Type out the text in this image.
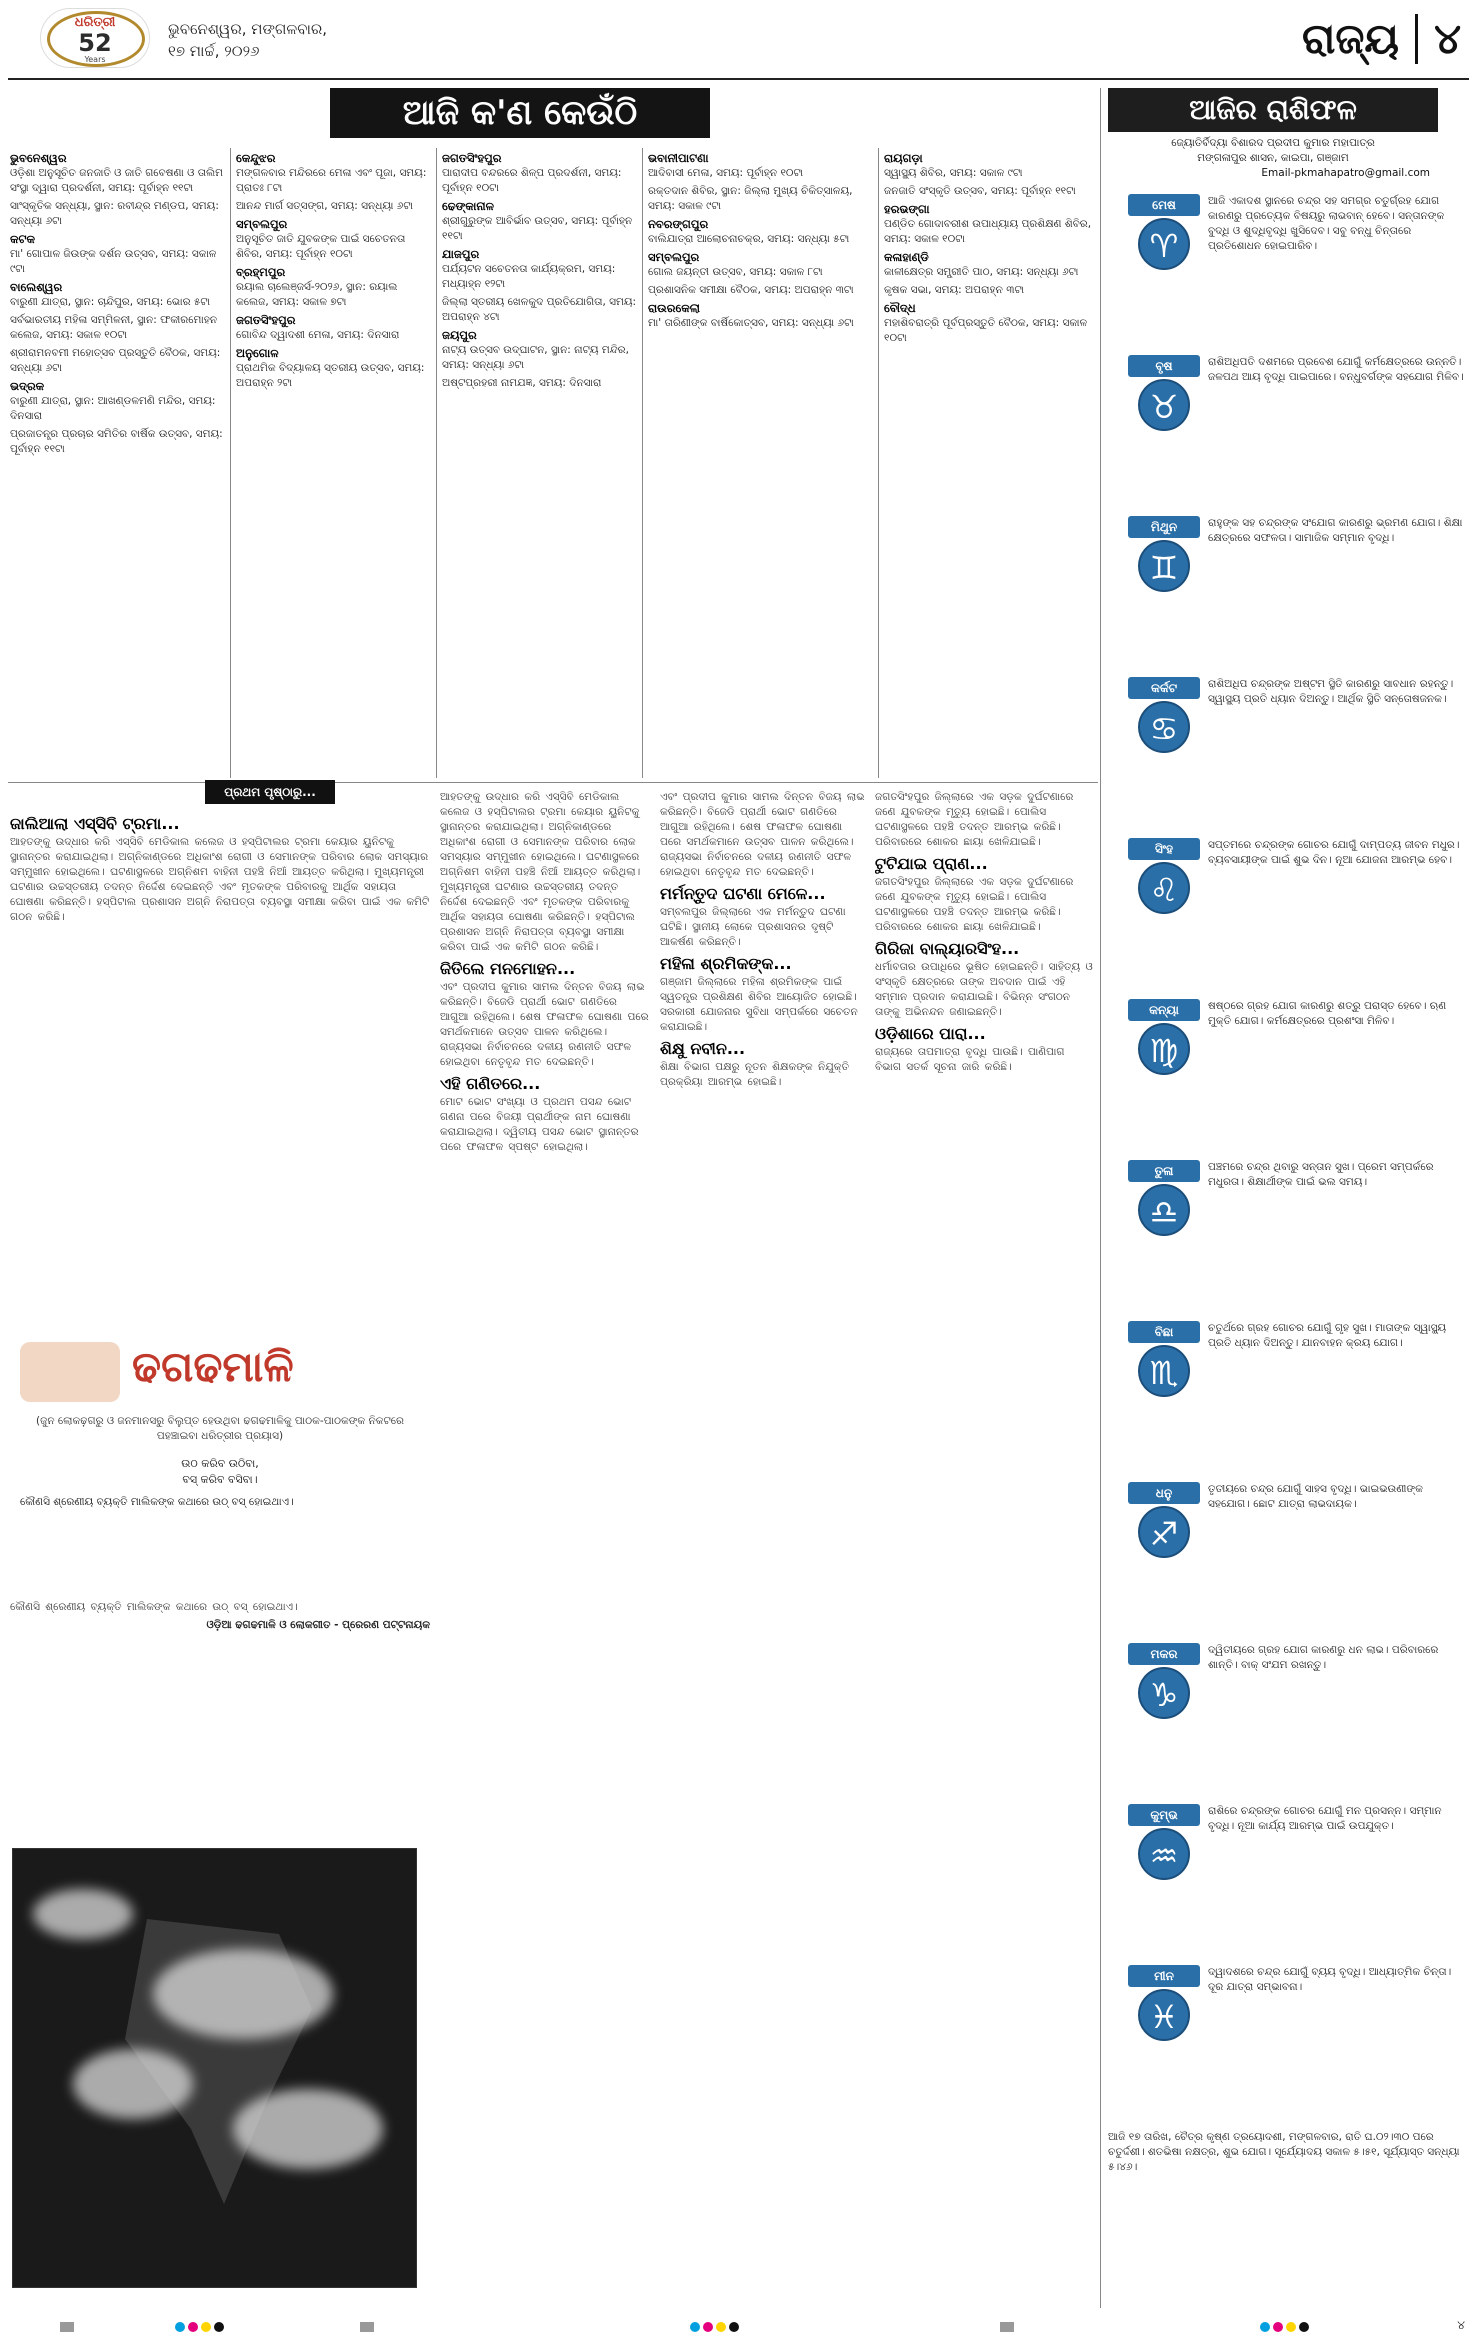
ଧରିତ୍ରୀ
52
Years
ଭୁବନେଶ୍ୱର, ମଙ୍ଗଳବାର,
୧୭ ମାର୍ଚ୍ଚ, ୨୦୨୬	ରାଜ୍ୟ ୪
ଆଜି କ'ଣ କେଉଁଠି
ଭୁବନେଶ୍ୱର

ଓଡ଼ିଶା ଅନୁସୂଚିତ ଜନଜାତି ଓ ଜାତି ଗବେଷଣା ଓ ତାଲିମ ସଂସ୍ଥା ଦ୍ୱାରା ପ୍ରଦର୍ଶନୀ, ସମୟ: ପୂର୍ବାହ୍ନ ୧୧ଟା

ସାଂସ୍କୃତିକ ସନ୍ଧ୍ୟା, ସ୍ଥାନ: ରବୀନ୍ଦ୍ର ମଣ୍ଡପ, ସମୟ: ସନ୍ଧ୍ୟା ୬ଟା

କଟକ

ମା' ଗୋପାଳ ଜିଉଙ୍କ ଦର୍ଶନ ଉତ୍ସବ, ସମୟ: ସକାଳ ୯ଟା

ବାଲେଶ୍ୱର

ବାରୁଣୀ ଯାତ୍ରା, ସ୍ଥାନ: ଚାନ୍ଦିପୁର, ସମୟ: ଭୋର ୫ଟା

ସର୍ବଭାରତୀୟ ମହିଳା ସମ୍ମିଳନୀ, ସ୍ଥାନ: ଫକୀରମୋହନ କଲେଜ, ସମୟ: ସକାଳ ୧୦ଟା

ଶ୍ରୀରାମନବମୀ ମହୋତ୍ସବ ପ୍ରସ୍ତୁତି ବୈଠକ, ସମୟ: ସନ୍ଧ୍ୟା ୬ଟା

ଭଦ୍ରକ

ବାରୁଣୀ ଯାତ୍ରା, ସ୍ଥାନ: ଆଖଣ୍ଡଳମଣି ମନ୍ଦିର, ସମୟ: ଦିନସାରା

ପ୍ରଜାତନ୍ତ୍ର ପ୍ରଚାର ସମିତିର ବାର୍ଷିକ ଉତ୍ସବ, ସମୟ: ପୂର୍ବାହ୍ନ ୧୧ଟା

କେନ୍ଦୁଝର

ମଙ୍ଗଳବାର ମନ୍ଦିରରେ ମେଳା ଏବଂ ପୂଜା, ସମୟ: ପ୍ରାତଃ ୮ଟା

ଆନନ୍ଦ ମାର୍ଗ ସତ୍ସଙ୍ଗ, ସମୟ: ସନ୍ଧ୍ୟା ୬ଟା

ସମ୍ବଲପୁର

ଅନୁସୂଚିତ ଜାତି ଯୁବକଙ୍କ ପାଇଁ ସଚେତନତା ଶିବିର, ସମୟ: ପୂର୍ବାହ୍ନ ୧୦ଟା

ବ୍ରହ୍ମପୁର

ରୟାଲ ଚାଲେଞ୍ଜର୍ସ-୨୦୨୬, ସ୍ଥାନ: ରୟାଲ କଲେଜ, ସମୟ: ସକାଳ ୭ଟା

ଜଗତସିଂହପୁର

ଗୋବିନ୍ଦ ଦ୍ୱାଦଶୀ ମେଳା, ସମୟ: ଦିନସାରା

ଅନୁଗୋଳ

ପ୍ରାଥମିକ ବିଦ୍ୟାଳୟ ସ୍ତରୀୟ ଉତ୍ସବ, ସମୟ: ଅପରାହ୍ନ ୨ଟା

ଜଗତସିଂହପୁର

ପାରାଦୀପ ବନ୍ଦରରେ ଶିଳ୍ପ ପ୍ରଦର୍ଶନୀ, ସମୟ: ପୂର୍ବାହ୍ନ ୧୦ଟା

ଢେଙ୍କାନାଳ

ଶ୍ରୀଗୁରୁଙ୍କ ଆବିର୍ଭାବ ଉତ୍ସବ, ସମୟ: ପୂର୍ବାହ୍ନ ୧୧ଟା

ଯାଜପୁର

ପର୍ଯ୍ୟଟନ ସଚେତନତା କାର୍ଯ୍ୟକ୍ରମ, ସମୟ: ମଧ୍ୟାହ୍ନ ୧୨ଟା

ଜିଲ୍ଲା ସ୍ତରୀୟ ଖେଳକୁଦ ପ୍ରତିଯୋଗିତା, ସମୟ: ଅପରାହ୍ନ ୪ଟା

ଜୟପୁର

ନାଟ୍ୟ ଉତ୍ସବ ଉଦ୍‌ଘାଟନ, ସ୍ଥାନ: ନାଟ୍ୟ ମନ୍ଦିର, ସମୟ: ସନ୍ଧ୍ୟା ୬ଟା

ଅଷ୍ଟପ୍ରହରୀ ନାମଯଜ୍ଞ, ସମୟ: ଦିନସାରା

ଭବାନୀପାଟଣା

ଆଦିବାସୀ ମେଳା, ସମୟ: ପୂର୍ବାହ୍ନ ୧୦ଟା

ରକ୍ତଦାନ ଶିବିର, ସ୍ଥାନ: ଜିଲ୍ଲା ମୁଖ୍ୟ ଚିକିତ୍ସାଳୟ, ସମୟ: ସକାଳ ୯ଟା

ନବରଙ୍ଗପୁର

ବାଲିଯାତ୍ରା ଆଲୋଚନାଚକ୍ର, ସମୟ: ସନ୍ଧ୍ୟା ୫ଟା

ସମ୍ବଲପୁର

ଗୋଲ ଜୟନ୍ତୀ ଉତ୍ସବ, ସମୟ: ସକାଳ ୮ଟା

ପ୍ରଶାସନିକ ସମୀକ୍ଷା ବୈଠକ, ସମୟ: ଅପରାହ୍ନ ୩ଟା

ରାଉରକେଲା

ମା' ତାରିଣୀଙ୍କ ବାର୍ଷିକୋତ୍ସବ, ସମୟ: ସନ୍ଧ୍ୟା ୬ଟା

ରାୟଗଡ଼ା

ସ୍ୱାସ୍ଥ୍ୟ ଶିବିର, ସମୟ: ସକାଳ ୯ଟା

ଜନଜାତି ସଂସ୍କୃତି ଉତ୍ସବ, ସମୟ: ପୂର୍ବାହ୍ନ ୧୧ଟା

ହରଭଙ୍ଗା

ପଣ୍ଡିତ ଗୋଦାବରୀଶ ଉପାଧ୍ୟାୟ ପ୍ରଶିକ୍ଷଣ ଶିବିର, ସମୟ: ସକାଳ ୧୦ଟା

କଳାହାଣ୍ଡି

କାଳୀକ୍ଷେତ୍ର ସମ୍ପ୍ରୀତି ପାଠ, ସମୟ: ସନ୍ଧ୍ୟା ୬ଟା

କୃଷକ ସଭା, ସମୟ: ଅପରାହ୍ନ ୩ଟା

ବୌଦ୍ଧ

ମହାଶିବରାତ୍ରି ପୂର୍ବପ୍ରସ୍ତୁତି ବୈଠକ, ସମୟ: ସକାଳ ୧୦ଟା

ଆଜିର ରାଶିଫଳ
ଜ୍ୟୋତିର୍ବିଦ୍ୟା ବିଶାରଦ ପ୍ରଦୀପ କୁମାର ମହାପାତ୍ର
ମଙ୍ଗଳାପୁର ଶାସନ, କାଇପା, ଗଞ୍ଜାମ
Email-pkmahapatro@gmail.com
ମେଷ
♈
ଆଜି ଏକାଦଶ ସ୍ଥାନରେ ଚନ୍ଦ୍ର ସହ ସମଗ୍ର ଚତୁର୍ଗ୍ରହ ଯୋଗ କାରଣରୁ ପ୍ରତ୍ୟେକ ବିଷୟରୁ ଲାଭବାନ୍ ହେବେ। ସନ୍ତାନଙ୍କ ବୁଦ୍ଧି ଓ ଶୁଦ୍ଧିବୃଦ୍ଧି ଖୁସିଦେବ। ସବୁ ବନ୍ଧୁ ଚିନ୍ତାରେ ପ୍ରତିଶୋଧନ ହୋଇପାରିବ।
ବୃଷ
♉
ରାଶିଅଧିପତି ଦଶମରେ ପ୍ରବେଶ ଯୋଗୁଁ କର୍ମକ୍ଷେତ୍ରରେ ଉନ୍ନତି। ଜଳପଥ ଆୟ ବୃଦ୍ଧି ପାଇପାରେ। ବନ୍ଧୁବର୍ଗଙ୍କ ସହଯୋଗ ମିଳିବ।
ମିଥୁନ
♊
ରାହୁଙ୍କ ସହ ଚନ୍ଦ୍ରଙ୍କ ସଂଯୋଗ କାରଣରୁ ଭ୍ରମଣ ଯୋଗ। ଶିକ୍ଷା କ୍ଷେତ୍ରରେ ସଫଳତା। ସାମାଜିକ ସମ୍ମାନ ବୃଦ୍ଧି।
କର୍କଟ
♋
ରାଶିଅଧିପ ଚନ୍ଦ୍ରଙ୍କ ଅଷ୍ଟମ ସ୍ଥିତି କାରଣରୁ ସାବଧାନ ରହନ୍ତୁ। ସ୍ୱାସ୍ଥ୍ୟ ପ୍ରତି ଧ୍ୟାନ ଦିଅନ୍ତୁ। ଆର୍ଥିକ ସ୍ଥିତି ସନ୍ତୋଷଜନକ।
ସିଂହ
♌
ସପ୍ତମରେ ଚନ୍ଦ୍ରଙ୍କ ଗୋଚର ଯୋଗୁଁ ଦାମ୍ପତ୍ୟ ଜୀବନ ମଧୁର। ବ୍ୟବସାୟୀଙ୍କ ପାଇଁ ଶୁଭ ଦିନ। ନୂଆ ଯୋଜନା ଆରମ୍ଭ ହେବ।
କନ୍ୟା
♍
ଷଷ୍ଠରେ ଗ୍ରହ ଯୋଗ କାରଣରୁ ଶତ୍ରୁ ପରାସ୍ତ ହେବେ। ଋଣ ମୁକ୍ତି ଯୋଗ। କର୍ମକ୍ଷେତ୍ରରେ ପ୍ରଶଂସା ମିଳିବ।
ତୁଳା
♎
ପଞ୍ଚମରେ ଚନ୍ଦ୍ର ଥିବାରୁ ସନ୍ତାନ ସୁଖ। ପ୍ରେମ ସମ୍ପର୍କରେ ମଧୁରତା। ଶିକ୍ଷାର୍ଥୀଙ୍କ ପାଇଁ ଭଲ ସମୟ।
ବିଛା
♏
ଚତୁର୍ଥରେ ଗ୍ରହ ଗୋଚର ଯୋଗୁଁ ଗୃହ ସୁଖ। ମାତାଙ୍କ ସ୍ୱାସ୍ଥ୍ୟ ପ୍ରତି ଧ୍ୟାନ ଦିଅନ୍ତୁ। ଯାନବାହନ କ୍ରୟ ଯୋଗ।
ଧନୁ
♐
ତୃତୀୟରେ ଚନ୍ଦ୍ର ଯୋଗୁଁ ସାହସ ବୃଦ୍ଧି। ଭାଇଭଉଣୀଙ୍କ ସହଯୋଗ। ଛୋଟ ଯାତ୍ରା ଲାଭଦାୟକ।
ମକର
♑
ଦ୍ୱିତୀୟରେ ଗ୍ରହ ଯୋଗ କାରଣରୁ ଧନ ଲାଭ। ପରିବାରରେ ଶାନ୍ତି। ବାକ୍ ସଂଯମ ରଖନ୍ତୁ।
କୁମ୍ଭ
♒
ରାଶିରେ ଚନ୍ଦ୍ରଙ୍କ ଗୋଚର ଯୋଗୁଁ ମନ ପ୍ରସନ୍ନ। ସମ୍ମାନ ବୃଦ୍ଧି। ନୂଆ କାର୍ଯ୍ୟ ଆରମ୍ଭ ପାଇଁ ଉପଯୁକ୍ତ।
ମୀନ
♓
ଦ୍ୱାଦଶରେ ଚନ୍ଦ୍ର ଯୋଗୁଁ ବ୍ୟୟ ବୃଦ୍ଧି। ଆଧ୍ୟାତ୍ମିକ ଚିନ୍ତା। ଦୂର ଯାତ୍ରା ସମ୍ଭାବନା।

ଆଜି ୧୭ ତାରିଖ, ଚୈତ୍ର କୃଷ୍ଣ ତ୍ରୟୋଦଶୀ, ମଙ୍ଗଳବାର, ରାତି ଘ.୦୨।୩୦ ପରେ ଚତୁର୍ଦ୍ଦଶୀ। ଶତଭିଷା ନକ୍ଷତ୍ର, ଶୁଭ ଯୋଗ। ସୂର୍ଯ୍ୟୋଦୟ ସକାଳ ୫।୫୧, ସୂର୍ଯ୍ୟାସ୍ତ ସନ୍ଧ୍ୟା ୫।୪୬।

ପ୍ରଥମ ପୃଷ୍ଠାରୁ...
ଜାଲିଆଲା ଏସ୍‌ସିବି ଟ୍ରମା...

ଆହତଙ୍କୁ ଉଦ୍ଧାର କରି ଏସ୍‌ସିବି ମେଡିକାଲ କଲେଜ ଓ ହସ୍ପିଟାଲର ଟ୍ରମା କେୟାର ୟୁନିଟକୁ ସ୍ଥାନାନ୍ତର କରାଯାଇଥିଲା। ଅଗ୍ନିକାଣ୍ଡରେ ଅଧିକାଂଶ ରୋଗୀ ଓ ସେମାନଙ୍କ ପରିବାର ଲୋକ ସମସ୍ୟାର ସମ୍ମୁଖୀନ ହୋଇଥିଲେ। ଘଟଣାସ୍ଥଳରେ ଅଗ୍ନିଶମ ବାହିନୀ ପହଞ୍ଚି ନିଆଁ ଆୟତ୍ତ କରିଥିଲା। ମୁଖ୍ୟମନ୍ତ୍ରୀ ଘଟଣାର ଉଚ୍ଚସ୍ତରୀୟ ତଦନ୍ତ ନିର୍ଦ୍ଦେଶ ଦେଇଛନ୍ତି ଏବଂ ମୃତକଙ୍କ ପରିବାରକୁ ଆର୍ଥିକ ସହାୟତା ଘୋଷଣା କରିଛନ୍ତି। ହସ୍ପିଟାଲ ପ୍ରଶାସନ ଅଗ୍ନି ନିରାପତ୍ତା ବ୍ୟବସ୍ଥା ସମୀକ୍ଷା କରିବା ପାଇଁ ଏକ କମିଟି ଗଠନ କରିଛି।

ଆହତଙ୍କୁ ଉଦ୍ଧାର କରି ଏସ୍‌ସିବି ମେଡିକାଲ କଲେଜ ଓ ହସ୍ପିଟାଲର ଟ୍ରମା କେୟାର ୟୁନିଟକୁ ସ୍ଥାନାନ୍ତର କରାଯାଇଥିଲା। ଅଗ୍ନିକାଣ୍ଡରେ ଅଧିକାଂଶ ରୋଗୀ ଓ ସେମାନଙ୍କ ପରିବାର ଲୋକ ସମସ୍ୟାର ସମ୍ମୁଖୀନ ହୋଇଥିଲେ। ଘଟଣାସ୍ଥଳରେ ଅଗ୍ନିଶମ ବାହିନୀ ପହଞ୍ଚି ନିଆଁ ଆୟତ୍ତ କରିଥିଲା। ମୁଖ୍ୟମନ୍ତ୍ରୀ ଘଟଣାର ଉଚ୍ଚସ୍ତରୀୟ ତଦନ୍ତ ନିର୍ଦ୍ଦେଶ ଦେଇଛନ୍ତି ଏବଂ ମୃତକଙ୍କ ପରିବାରକୁ ଆର୍ଥିକ ସହାୟତା ଘୋଷଣା କରିଛନ୍ତି। ହସ୍ପିଟାଲ ପ୍ରଶାସନ ଅଗ୍ନି ନିରାପତ୍ତା ବ୍ୟବସ୍ଥା ସମୀକ୍ଷା କରିବା ପାଇଁ ଏକ କମିଟି ଗଠନ କରିଛି।

ଜିତିଲେ ମନମୋହନ...

ଏବଂ ପ୍ରଦୀପ କୁମାର ସାମଲ ଦିନ୍ତନ ବିଜୟ ଲାଭ କରିଛନ୍ତି। ବିଜେଡି ପ୍ରାର୍ଥୀ ଭୋଟ ଗଣତିରେ ଆଗୁଆ ରହିଥିଲେ। ଶେଷ ଫଳାଫଳ ଘୋଷଣା ପରେ ସମର୍ଥକମାନେ ଉତ୍ସବ ପାଳନ କରିଥିଲେ। ରାଜ୍ୟସଭା ନିର୍ବାଚନରେ ଦଳୀୟ ରଣନୀତି ସଫଳ ହୋଇଥିବା ନେତୃବୃନ୍ଦ ମତ ଦେଇଛନ୍ତି।

ଏହି ଗଣିତରେ...

ମୋଟ ଭୋଟ ସଂଖ୍ୟା ଓ ପ୍ରଥମ ପସନ୍ଦ ଭୋଟ ଗଣନା ପରେ ବିଜୟୀ ପ୍ରାର୍ଥୀଙ୍କ ନାମ ଘୋଷଣା କରାଯାଇଥିଲା। ଦ୍ୱିତୀୟ ପସନ୍ଦ ଭୋଟ ସ୍ଥାନାନ୍ତର ପରେ ଫଳାଫଳ ସ୍ପଷ୍ଟ ହୋଇଥିଲା।

ଏବଂ ପ୍ରଦୀପ କୁମାର ସାମଲ ଦିନ୍ତନ ବିଜୟ ଲାଭ କରିଛନ୍ତି। ବିଜେଡି ପ୍ରାର୍ଥୀ ଭୋଟ ଗଣତିରେ ଆଗୁଆ ରହିଥିଲେ। ଶେଷ ଫଳାଫଳ ଘୋଷଣା ପରେ ସମର୍ଥକମାନେ ଉତ୍ସବ ପାଳନ କରିଥିଲେ। ରାଜ୍ୟସଭା ନିର୍ବାଚନରେ ଦଳୀୟ ରଣନୀତି ସଫଳ ହୋଇଥିବା ନେତୃବୃନ୍ଦ ମତ ଦେଇଛନ୍ତି।

ମର୍ମନ୍ତୁଦ ଘଟଣା ମେଳେ...

ସମ୍ବଲପୁର ଜିଲ୍ଲାରେ ଏକ ମର୍ମନ୍ତୁଦ ଘଟଣା ଘଟିଛି। ସ୍ଥାନୀୟ ଲୋକେ ପ୍ରଶାସନର ଦୃଷ୍ଟି ଆକର୍ଷଣ କରିଛନ୍ତି।

ମହିଳା ଶ୍ରମିକଙ୍କ...

ଗଞ୍ଜାମ ଜିଲ୍ଲାରେ ମହିଳା ଶ୍ରମିକଙ୍କ ପାଇଁ ସ୍ୱତନ୍ତ୍ର ପ୍ରଶିକ୍ଷଣ ଶିବିର ଆୟୋଜିତ ହୋଇଛି। ସରକାରୀ ଯୋଜନାର ସୁବିଧା ସମ୍ପର୍କରେ ସଚେତନ କରାଯାଇଛି।

ଶିକ୍ଷୁ ନବୀନ...

ଶିକ୍ଷା ବିଭାଗ ପକ୍ଷରୁ ନୂତନ ଶିକ୍ଷକଙ୍କ ନିଯୁକ୍ତି ପ୍ରକ୍ରିୟା ଆରମ୍ଭ ହୋଇଛି।

ଜଗତସିଂହପୁର ଜିଲ୍ଲାରେ ଏକ ସଡ଼କ ଦୁର୍ଘଟଣାରେ ଜଣେ ଯୁବକଙ୍କ ମୃତ୍ୟୁ ହୋଇଛି। ପୋଲିସ ଘଟଣାସ୍ଥଳରେ ପହଞ୍ଚି ତଦନ୍ତ ଆରମ୍ଭ କରିଛି। ପରିବାରରେ ଶୋକର ଛାୟା ଖେଳିଯାଇଛି।

ଟୁଟିଯାଇ ପ୍ରାଣ...

ଜଗତସିଂହପୁର ଜିଲ୍ଲାରେ ଏକ ସଡ଼କ ଦୁର୍ଘଟଣାରେ ଜଣେ ଯୁବକଙ୍କ ମୃତ୍ୟୁ ହୋଇଛି। ପୋଲିସ ଘଟଣାସ୍ଥଳରେ ପହଞ୍ଚି ତଦନ୍ତ ଆରମ୍ଭ କରିଛି। ପରିବାରରେ ଶୋକର ଛାୟା ଖେଳିଯାଇଛି।

ଗିରିଜା ବାଲ୍ୟାରସିଂହ...

ଧର୍ମାବତାର ଉପାଧିରେ ଭୂଷିତ ହୋଇଛନ୍ତି। ସାହିତ୍ୟ ଓ ସଂସ୍କୃତି କ୍ଷେତ୍ରରେ ତାଙ୍କ ଅବଦାନ ପାଇଁ ଏହି ସମ୍ମାନ ପ୍ରଦାନ କରାଯାଇଛି। ବିଭିନ୍ନ ସଂଗଠନ ତାଙ୍କୁ ଅଭିନନ୍ଦନ ଜଣାଇଛନ୍ତି।

ଓଡ଼ିଶାରେ ପାରା...

ରାଜ୍ୟରେ ତାପମାତ୍ରା ବୃଦ୍ଧି ପାଉଛି। ପାଣିପାଗ ବିଭାଗ ସତର୍କ ସୂଚନା ଜାରି କରିଛି।

ଢଗଢମାଳି
(ଜୁନ ଲୋକଢ଼ଗରୁ ଓ ଜନମାନସରୁ ବିଲୁପ୍ତ ହେଉଥିବା ଢଗଢମାଳିକୁ ପାଠକ-ପାଠକଙ୍କ ନିକଟରେ ପହଞ୍ଚାଇବା ଧରିତ୍ରୀର ପ୍ରୟାସ)
ଉଠ କରିବ ଉଠିବା,
ବସ୍ କରିବ ବସିବା।
କୌଣସି ଶ୍ରେଣୀୟ ବ୍ୟକ୍ତି ମାଲିକଙ୍କ କଥାରେ ଉଠ୍ ବସ୍ ହୋଇଥାଏ।

କୌଣସି ଶ୍ରେଣୀୟ ବ୍ୟକ୍ତି ମାଲିକଙ୍କ କଥାରେ ଉଠ୍ ବସ୍ ହୋଇଥାଏ।

ଓଡ଼ିଆ ଢଗଢମାଳି ଓ ଲୋକଗୀତ - ପ୍ରେରଣ ପଟ୍ଟନାୟକ

୪
